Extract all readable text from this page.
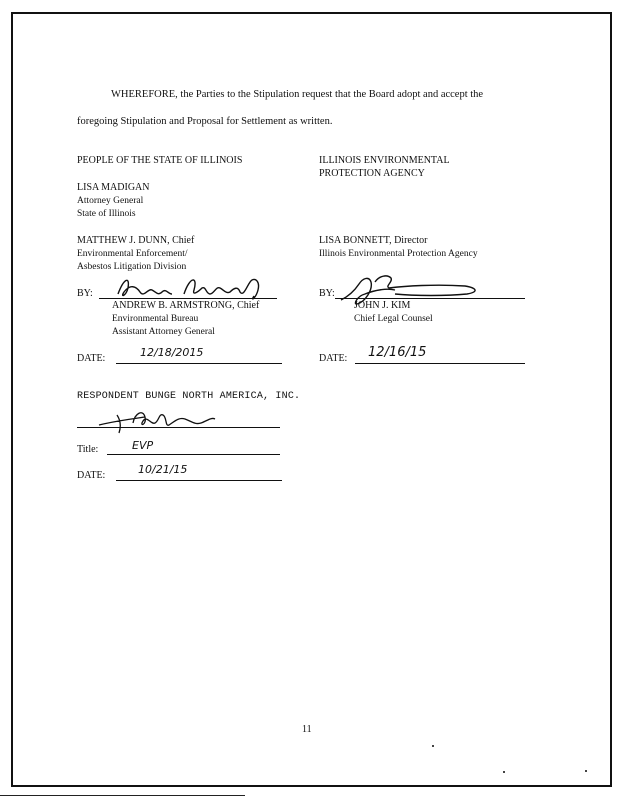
WHEREFORE, the Parties to the Stipulation request that the Board adopt and accept the
foregoing Stipulation and Proposal for Settlement as written.
PEOPLE OF THE STATE OF ILLINOIS
LISA MADIGAN
Attorney General
State of Illinois
MATTHEW J. DUNN, Chief
Environmental Enforcement/
Asbestos Litigation Division
BY:
ANDREW B. ARMSTRONG, Chief
Environmental Bureau
Assistant Attorney General
DATE:	12/18/2015
ILLINOIS ENVIRONMENTAL
PROTECTION AGENCY
LISA BONNETT, Director
Illinois Environmental Protection Agency
BY:
JOHN J. KIM
Chief Legal Counsel
DATE: 12/16/15
RESPONDENT BUNGE NORTH AMERICA, INC.
Title:	EVP
DATE:	10/21/15
11
